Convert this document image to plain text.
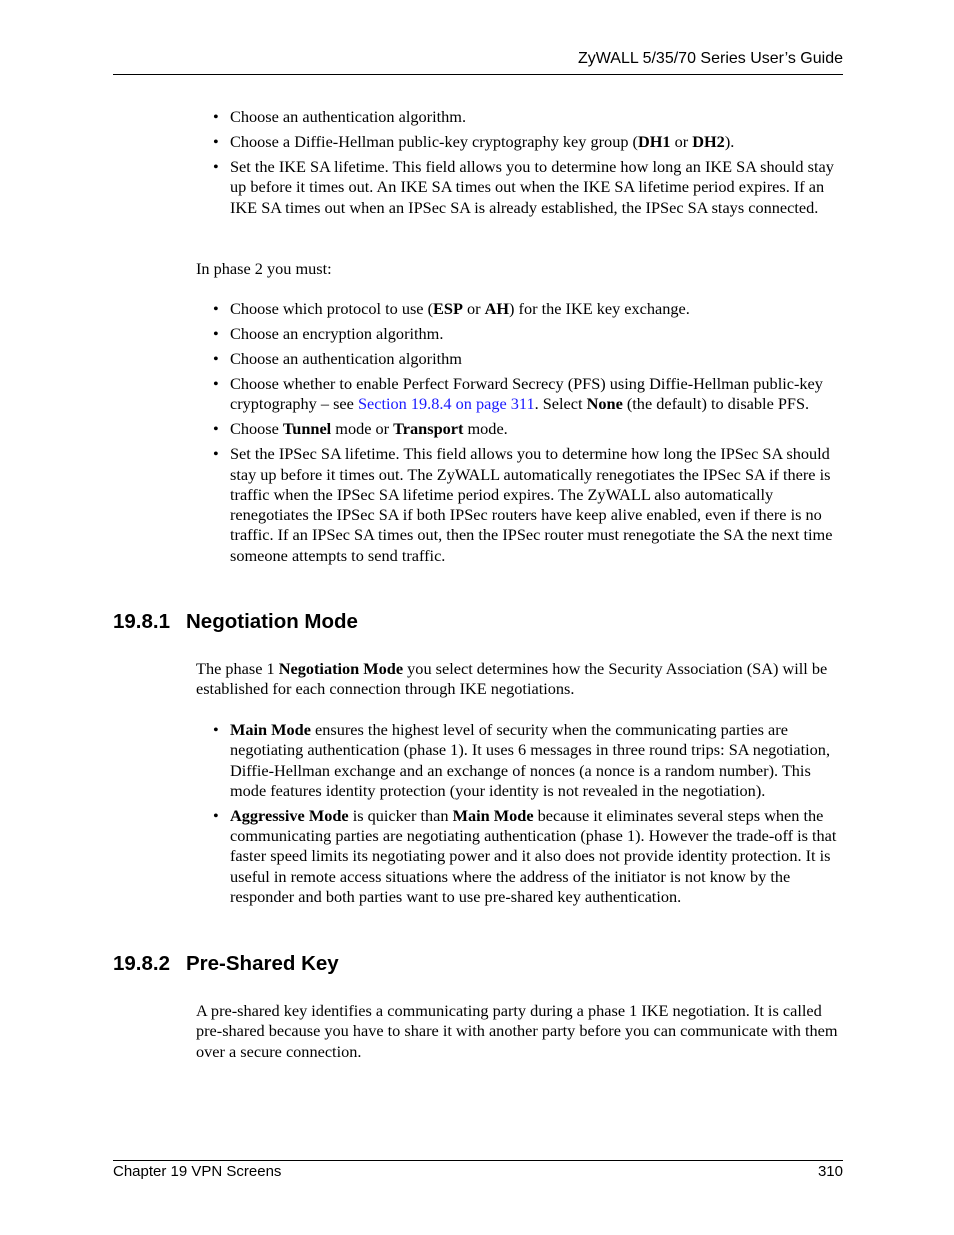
ZyWALL 5/35/70 Series User’s Guide
• Choose an authentication algorithm.
• Choose a Diffie-Hellman public-key cryptography key group (DH1 or DH2).
• Set the IKE SA lifetime. This field allows you to determine how long an IKE SA should stay up before it times out. An IKE SA times out when the IKE SA lifetime period expires. If an IKE SA times out when an IPSec SA is already established, the IPSec SA stays connected.

In phase 2 you must:

• Choose which protocol to use (ESP or AH) for the IKE key exchange.
• Choose an encryption algorithm.
• Choose an authentication algorithm
• Choose whether to enable Perfect Forward Secrecy (PFS) using Diffie-Hellman public-key cryptography – see Section 19.8.4 on page 311. Select None (the default) to disable PFS.
• Choose Tunnel mode or Transport mode.
• Set the IPSec SA lifetime. This field allows you to determine how long the IPSec SA should stay up before it times out. The ZyWALL automatically renegotiates the IPSec SA if there is traffic when the IPSec SA lifetime period expires. The ZyWALL also automatically renegotiates the IPSec SA if both IPSec routers have keep alive enabled, even if there is no traffic. If an IPSec SA times out, then the IPSec router must renegotiate the SA the next time someone attempts to send traffic.
19.8.1 Negotiation Mode

The phase 1 Negotiation Mode you select determines how the Security Association (SA) will be established for each connection through IKE negotiations.

• Main Mode ensures the highest level of security when the communicating parties are negotiating authentication (phase 1). It uses 6 messages in three round trips: SA negotiation, Diffie-Hellman exchange and an exchange of nonces (a nonce is a random number). This mode features identity protection (your identity is not revealed in the negotiation).
• Aggressive Mode is quicker than Main Mode because it eliminates several steps when the communicating parties are negotiating authentication (phase 1). However the trade-off is that faster speed limits its negotiating power and it also does not provide identity protection. It is useful in remote access situations where the address of the initiator is not know by the responder and both parties want to use pre-shared key authentication.
19.8.2 Pre-Shared Key

A pre-shared key identifies a communicating party during a phase 1 IKE negotiation. It is called pre-shared because you have to share it with another party before you can communicate with them over a secure connection.

Chapter 19 VPN Screens	310
